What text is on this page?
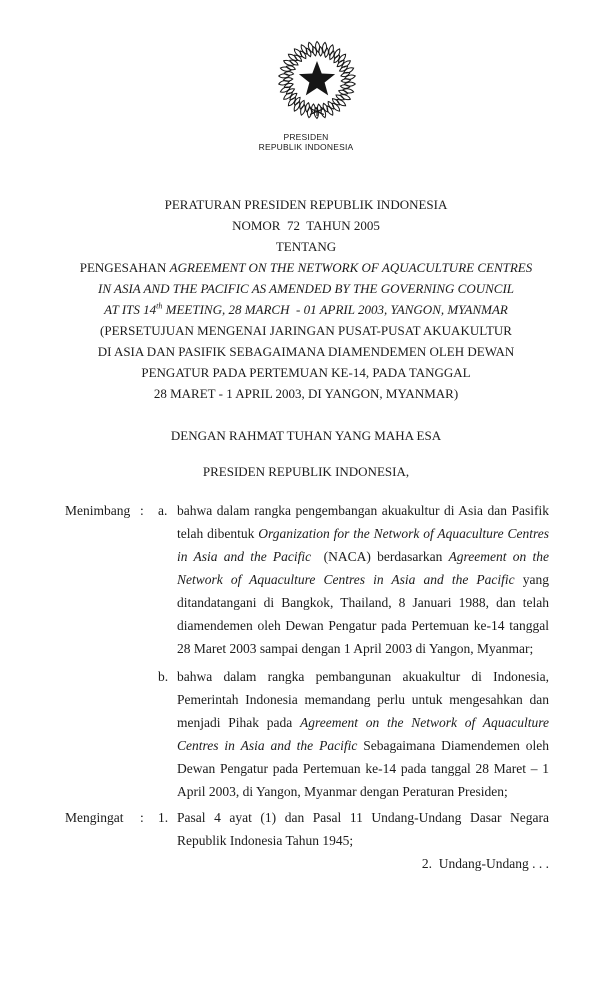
PRESIDEN
REPUBLIK INDONESIA
PERATURAN PRESIDEN REPUBLIK INDONESIA
NOMOR  72  TAHUN 2005
TENTANG
PENGESAHAN AGREEMENT ON THE NETWORK OF AQUACULTURE CENTRES
IN ASIA AND THE PACIFIC AS AMENDED BY THE GOVERNING COUNCIL
AT ITS 14th MEETING, 28 MARCH  - 01 APRIL 2003, YANGON, MYANMAR
(PERSETUJUAN MENGENAI JARINGAN PUSAT-PUSAT AKUAKULTUR
DI ASIA DAN PASIFIK SEBAGAIMANA DIAMENDEMEN OLEH DEWAN
PENGATUR PADA PERTEMUAN KE-14, PADA TANGGAL
28 MARET - 1 APRIL 2003, DI YANGON, MYANMAR)
DENGAN RAHMAT TUHAN YANG MAHA ESA
PRESIDEN REPUBLIK INDONESIA,
Menimbang :	a. bahwa dalam rangka pengembangan akuakultur di Asia dan Pasifik telah dibentuk Organization for the Network of Aquaculture Centres in Asia and the Pacific  (NACA) berdasarkan Agreement on the Network of Aquaculture Centres in Asia and the Pacific yang ditandatangani di Bangkok, Thailand, 8 Januari 1988, dan telah diamendemen oleh Dewan Pengatur pada Pertemuan ke-14 tanggal 28 Maret 2003 sampai dengan 1 April 2003 di Yangon, Myanmar;
b. bahwa dalam rangka pembangunan akuakultur di Indonesia, Pemerintah Indonesia memandang perlu untuk mengesahkan dan menjadi Pihak pada Agreement on the Network of Aquaculture Centres in Asia and the Pacific Sebagaimana Diamendemen oleh Dewan Pengatur pada Pertemuan ke-14 pada tanggal 28 Maret – 1 April 2003, di Yangon, Myanmar dengan Peraturan Presiden;
Mengingat	:	1. Pasal 4 ayat (1) dan Pasal 11 Undang-Undang Dasar Negara Republik Indonesia Tahun 1945;
2.  Undang-Undang . . .
